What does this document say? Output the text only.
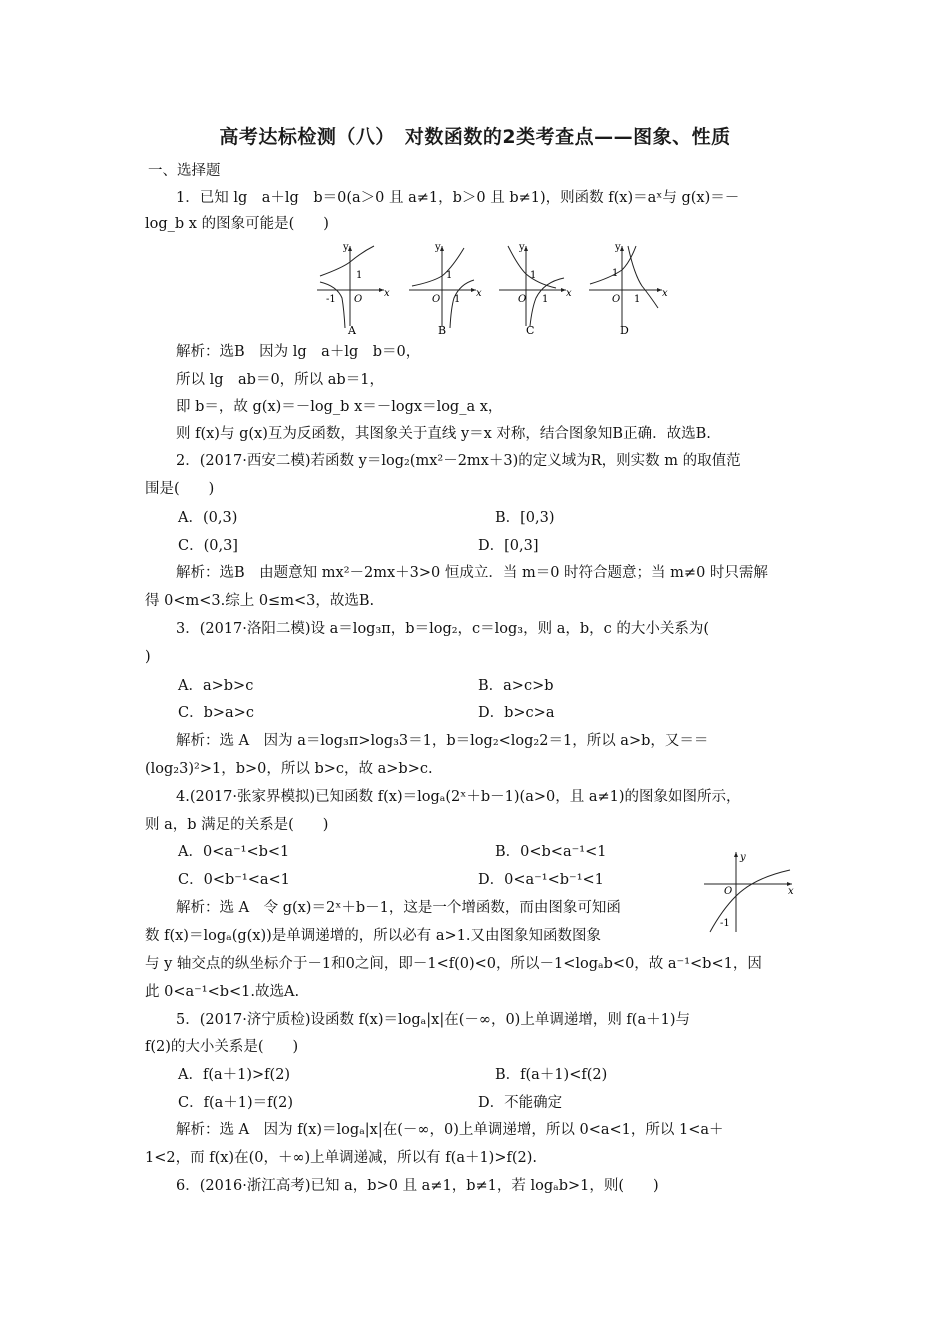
高考达标检测（八）　对数函数的2类考查点——图象、性质
一、选择题
1．已知 lg　a＋lg　b＝0(a＞0 且 a≠1，b＞0 且 b≠1)，则函数 f(x)＝aˣ与 g(x)＝－
log_b x 的图象可能是(　　)
y
x
O
1
-1
A
y
x
O
1
1
B
y
x
O
1
1
C
y
x
O
1
1
D
解析：选B　因为 lg　a＋lg　b＝0，
所以 lg　ab＝0，所以 ab＝1，
即 b＝，故 g(x)＝－log_b x＝－logx＝log_a x，
则 f(x)与 g(x)互为反函数，其图象关于直线 y＝x 对称，结合图象知B正确．故选B.
2．(2017·西安二模)若函数 y＝log₂(mx²－2mx＋3)的定义域为R，则实数 m 的取值范
围是(　　)
A．(0,3)	B．[0,3)
C．(0,3]	D．[0,3]
解析：选B　由题意知 mx²－2mx＋3>0 恒成立．当 m＝0 时符合题意；当 m≠0 时只需解
得 0<m<3.综上 0≤m<3，故选B.
3．(2017·洛阳二模)设 a＝log₃π，b＝log₂，c＝log₃，则 a，b，c 的大小关系为(
)
A．a>b>c	B．a>c>b
C．b>a>c	D．b>c>a
解析：选 A　因为 a＝log₃π>log₃3＝1，b＝log₂<log₂2＝1，所以 a>b，又＝＝
(log₂3)²>1，b>0，所以 b>c，故 a>b>c.
4.(2017·张家界模拟)已知函数 f(x)＝logₐ(2ˣ＋b－1)(a>0，且 a≠1)的图象如图所示，
则 a，b 满足的关系是(　　)
A．0<a⁻¹<b<1	B．0<b<a⁻¹<1
C．0<b⁻¹<a<1	D．0<a⁻¹<b⁻¹<1
y
x
O
-1
解析：选 A　令 g(x)＝2ˣ＋b－1，这是一个增函数，而由图象可知函
数 f(x)＝logₐ(g(x))是单调递增的，所以必有 a>1.又由图象知函数图象
与 y 轴交点的纵坐标介于－1和0之间，即－1<f(0)<0，所以－1<logₐb<0，故 a⁻¹<b<1，因
此 0<a⁻¹<b<1.故选A.
5．(2017·济宁质检)设函数 f(x)＝logₐ|x|在(－∞，0)上单调递增，则 f(a＋1)与
f(2)的大小关系是(　　)
A．f(a＋1)>f(2)	B．f(a＋1)<f(2)
C．f(a＋1)＝f(2)	D．不能确定
解析：选 A　因为 f(x)＝logₐ|x|在(－∞，0)上单调递增，所以 0<a<1，所以 1<a＋
1<2，而 f(x)在(0，＋∞)上单调递减，所以有 f(a＋1)>f(2).
6．(2016·浙江高考)已知 a，b>0 且 a≠1，b≠1，若 logₐb>1，则(　　)
